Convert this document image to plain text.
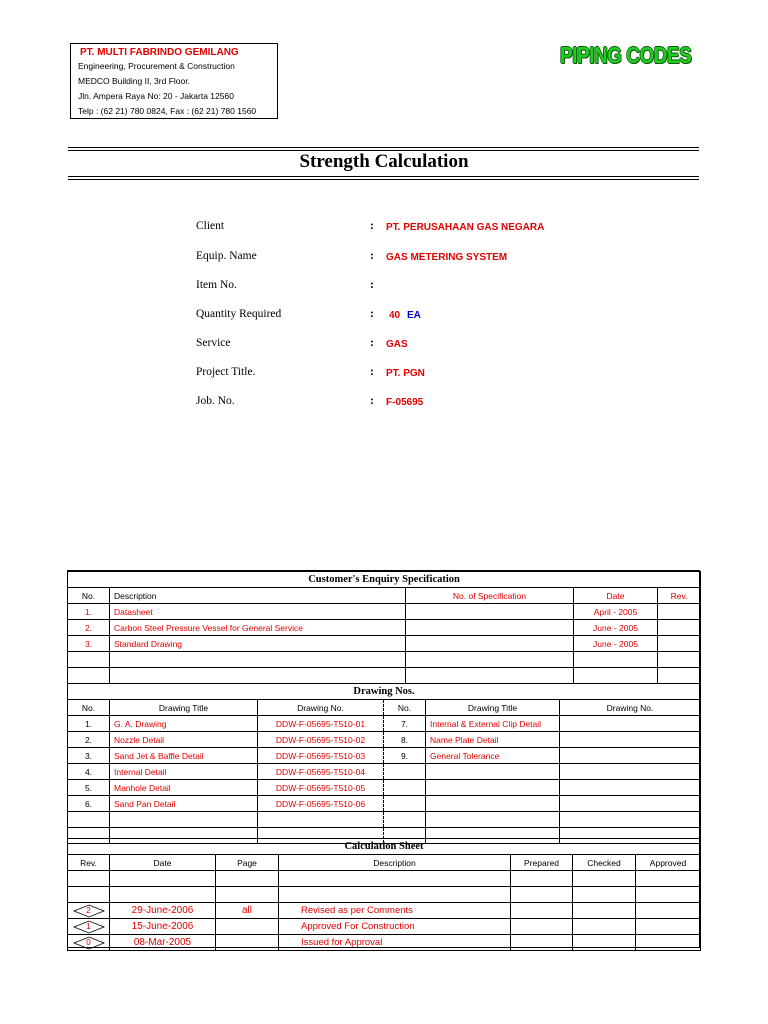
PT. MULTI FABRINDO GEMILANG
Engineering, Procurement & Construction
MEDCO Building II, 3rd Floor.
Jln. Ampera Raya No: 20 - Jakarta 12560
Telp : (62 21) 780 0824, Fax : (62 21) 780 1560
PIPING CODES
Strength Calculation
Client	: PT. PERUSAHAAN GAS NEGARA
Equip. Name	: GAS METERING SYSTEM
Item No.	:
Quantity Required	: 40 EA
Service	: GAS
Project Title.	: PT. PGN
Job. No.	: F-05695
Customer's Enquiry Specification				
No.	Description	No. of Specification	Date	Rev.
1.	Datasheet		April - 2005	
2.	Carbon Steel Pressure Vessel for General Service		June - 2005	
3.	Standard Drawing		June - 2005	

Drawing Nos.					
No.	Drawing Title	Drawing No.	No.	Drawing Title	Drawing No.
1.	G. A. Drawing	DDW-F-05695-T510-01	7.	Internal & External Clip Detail	
2.	Nozzle Detail	DDW-F-05695-T510-02	8.	Name Plate Detail	
3.	Sand Jet & Baffle Detail	DDW-F-05695-T510-03	9.	General Tolerance	
4.	Internal Detail	DDW-F-05695-T510-04			
5.	Manhole Detail	DDW-F-05695-T510-05			
6.	Sand Pan Detail	DDW-F-05695-T510-06			

Calculation Sheet						
Rev.	Date	Page	Description	Prepared	Checked	Approved

2	29-June-2006	all	Revised as per Comments			

1	15-June-2006		Approved For Construction			

0	08-Mar-2005		Issued for Approval			
